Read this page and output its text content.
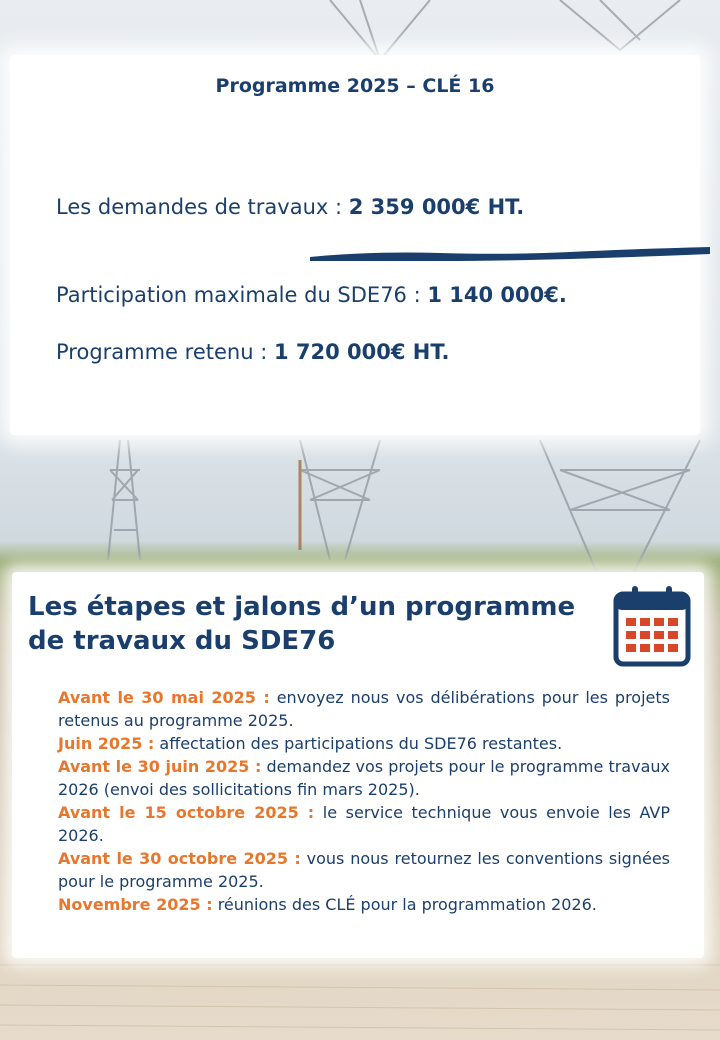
Programme 2025 – CLÉ 16
Les demandes de travaux : 2 359 000€ HT.
Participation maximale du SDE76 : 1 140 000€.
Programme retenu : 1 720 000€ HT.
Les étapes et jalons d’un programme de travaux du SDE76

Avant le 30 mai 2025 : envoyez nous vos délibérations pour les projets retenus au programme 2025.

Juin 2025 : affectation des participations du SDE76 restantes.

Avant le 30 juin 2025 : demandez vos projets pour le programme travaux 2026 (envoi des sollicitations fin mars 2025).

Avant le 15 octobre 2025 : le service technique vous envoie les AVP 2026.

Avant le 30 octobre 2025 : vous nous retournez les conventions signées pour le programme 2025.

Novembre 2025 : réunions des CLÉ pour la programmation 2026.
